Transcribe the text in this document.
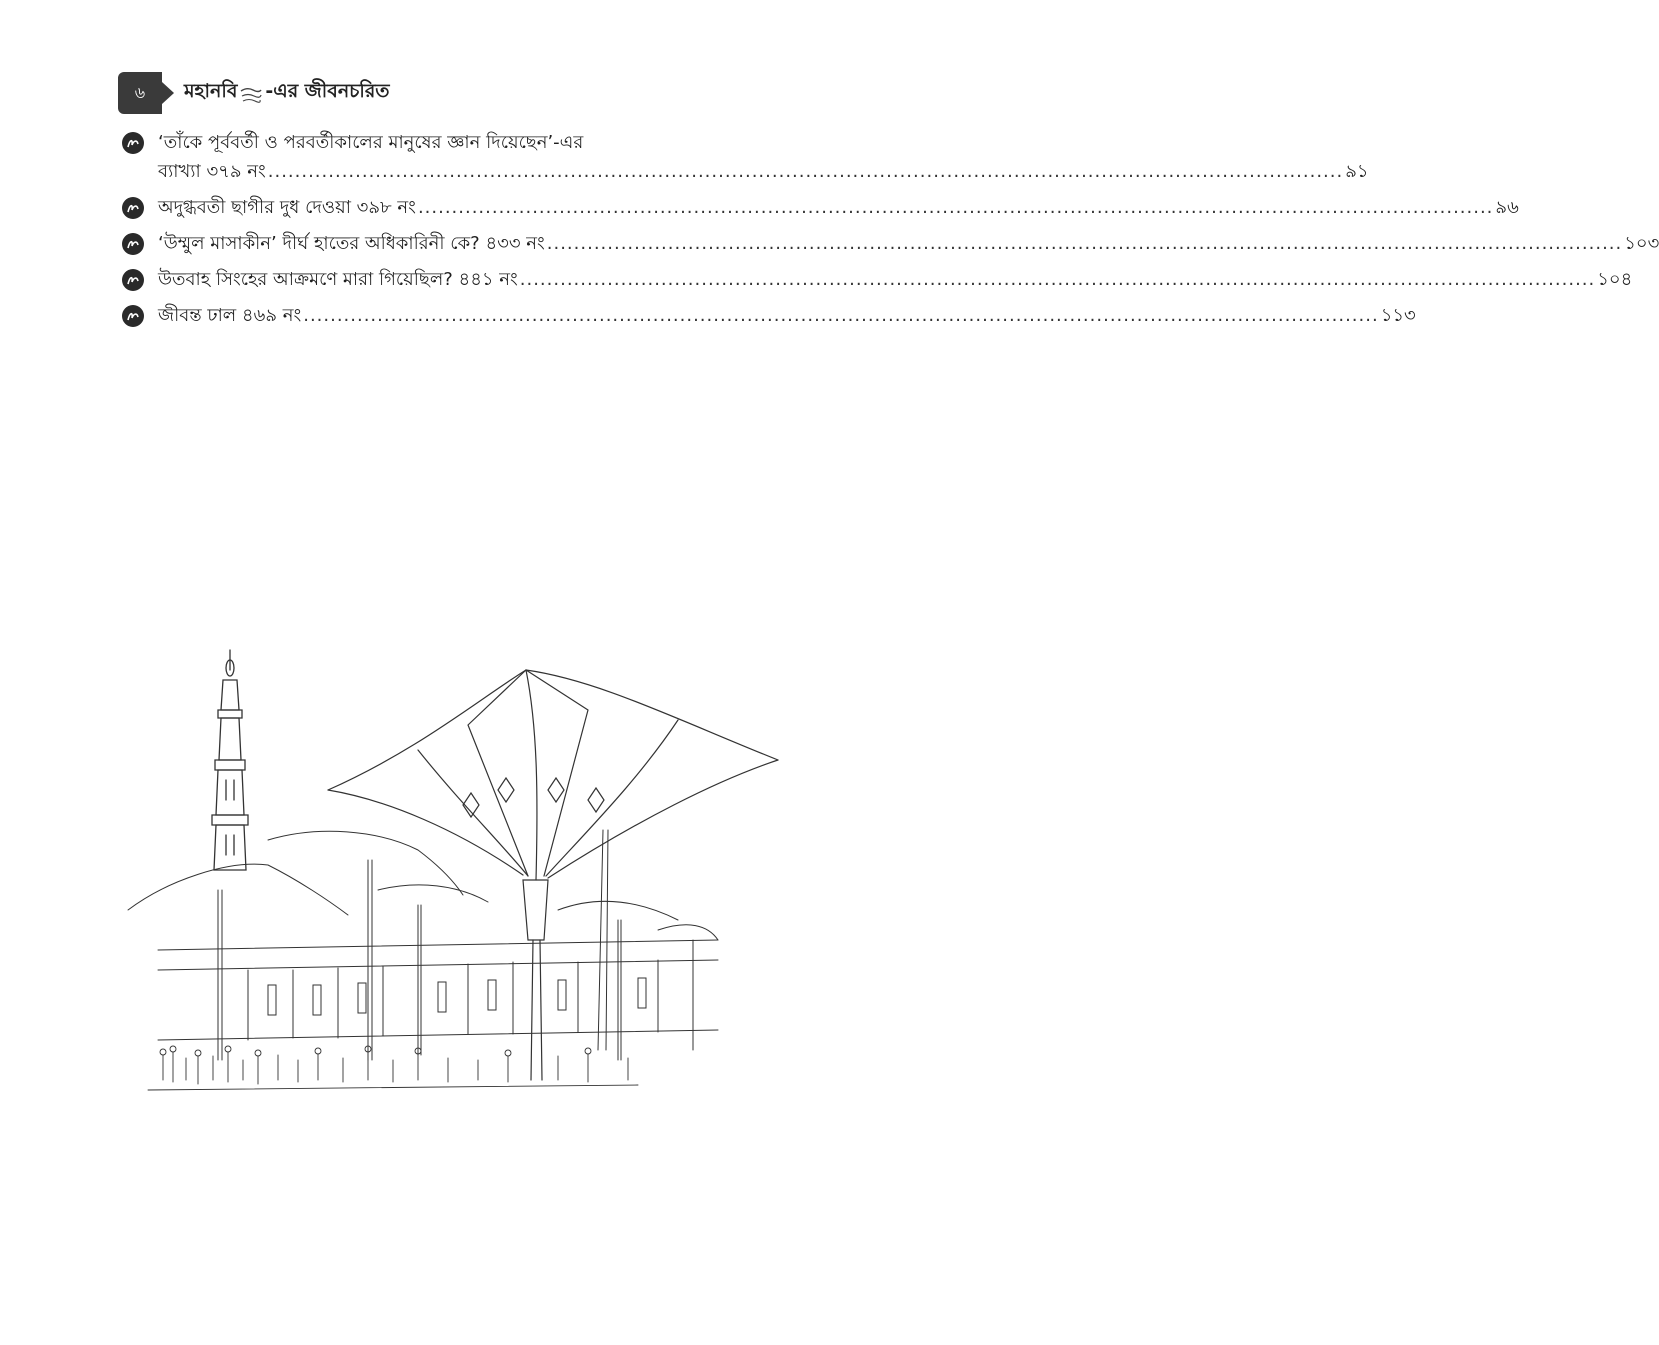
৬ মহানবি -এর জীবনচরিত
‘তাঁকে পূর্ববর্তী ও পরবর্তীকালের মানুষের জ্ঞান দিয়েছেন’-এর
ব্যাখ্যা ৩৭৯ নং .....	৯১
অদুগ্ধবতী ছাগীর দুধ দেওয়া ৩৯৮ নং .....	৯৬
‘উম্মুল মাসাকীন’ দীর্ঘ হাতের অধিকারিনী কে? ৪৩৩ নং .....	১০৩
উতবাহ সিংহের আক্রমণে মারা গিয়েছিল? ৪৪১ নং .....	১০৪
জীবন্ত ঢাল ৪৬৯ নং .....	১১৩
